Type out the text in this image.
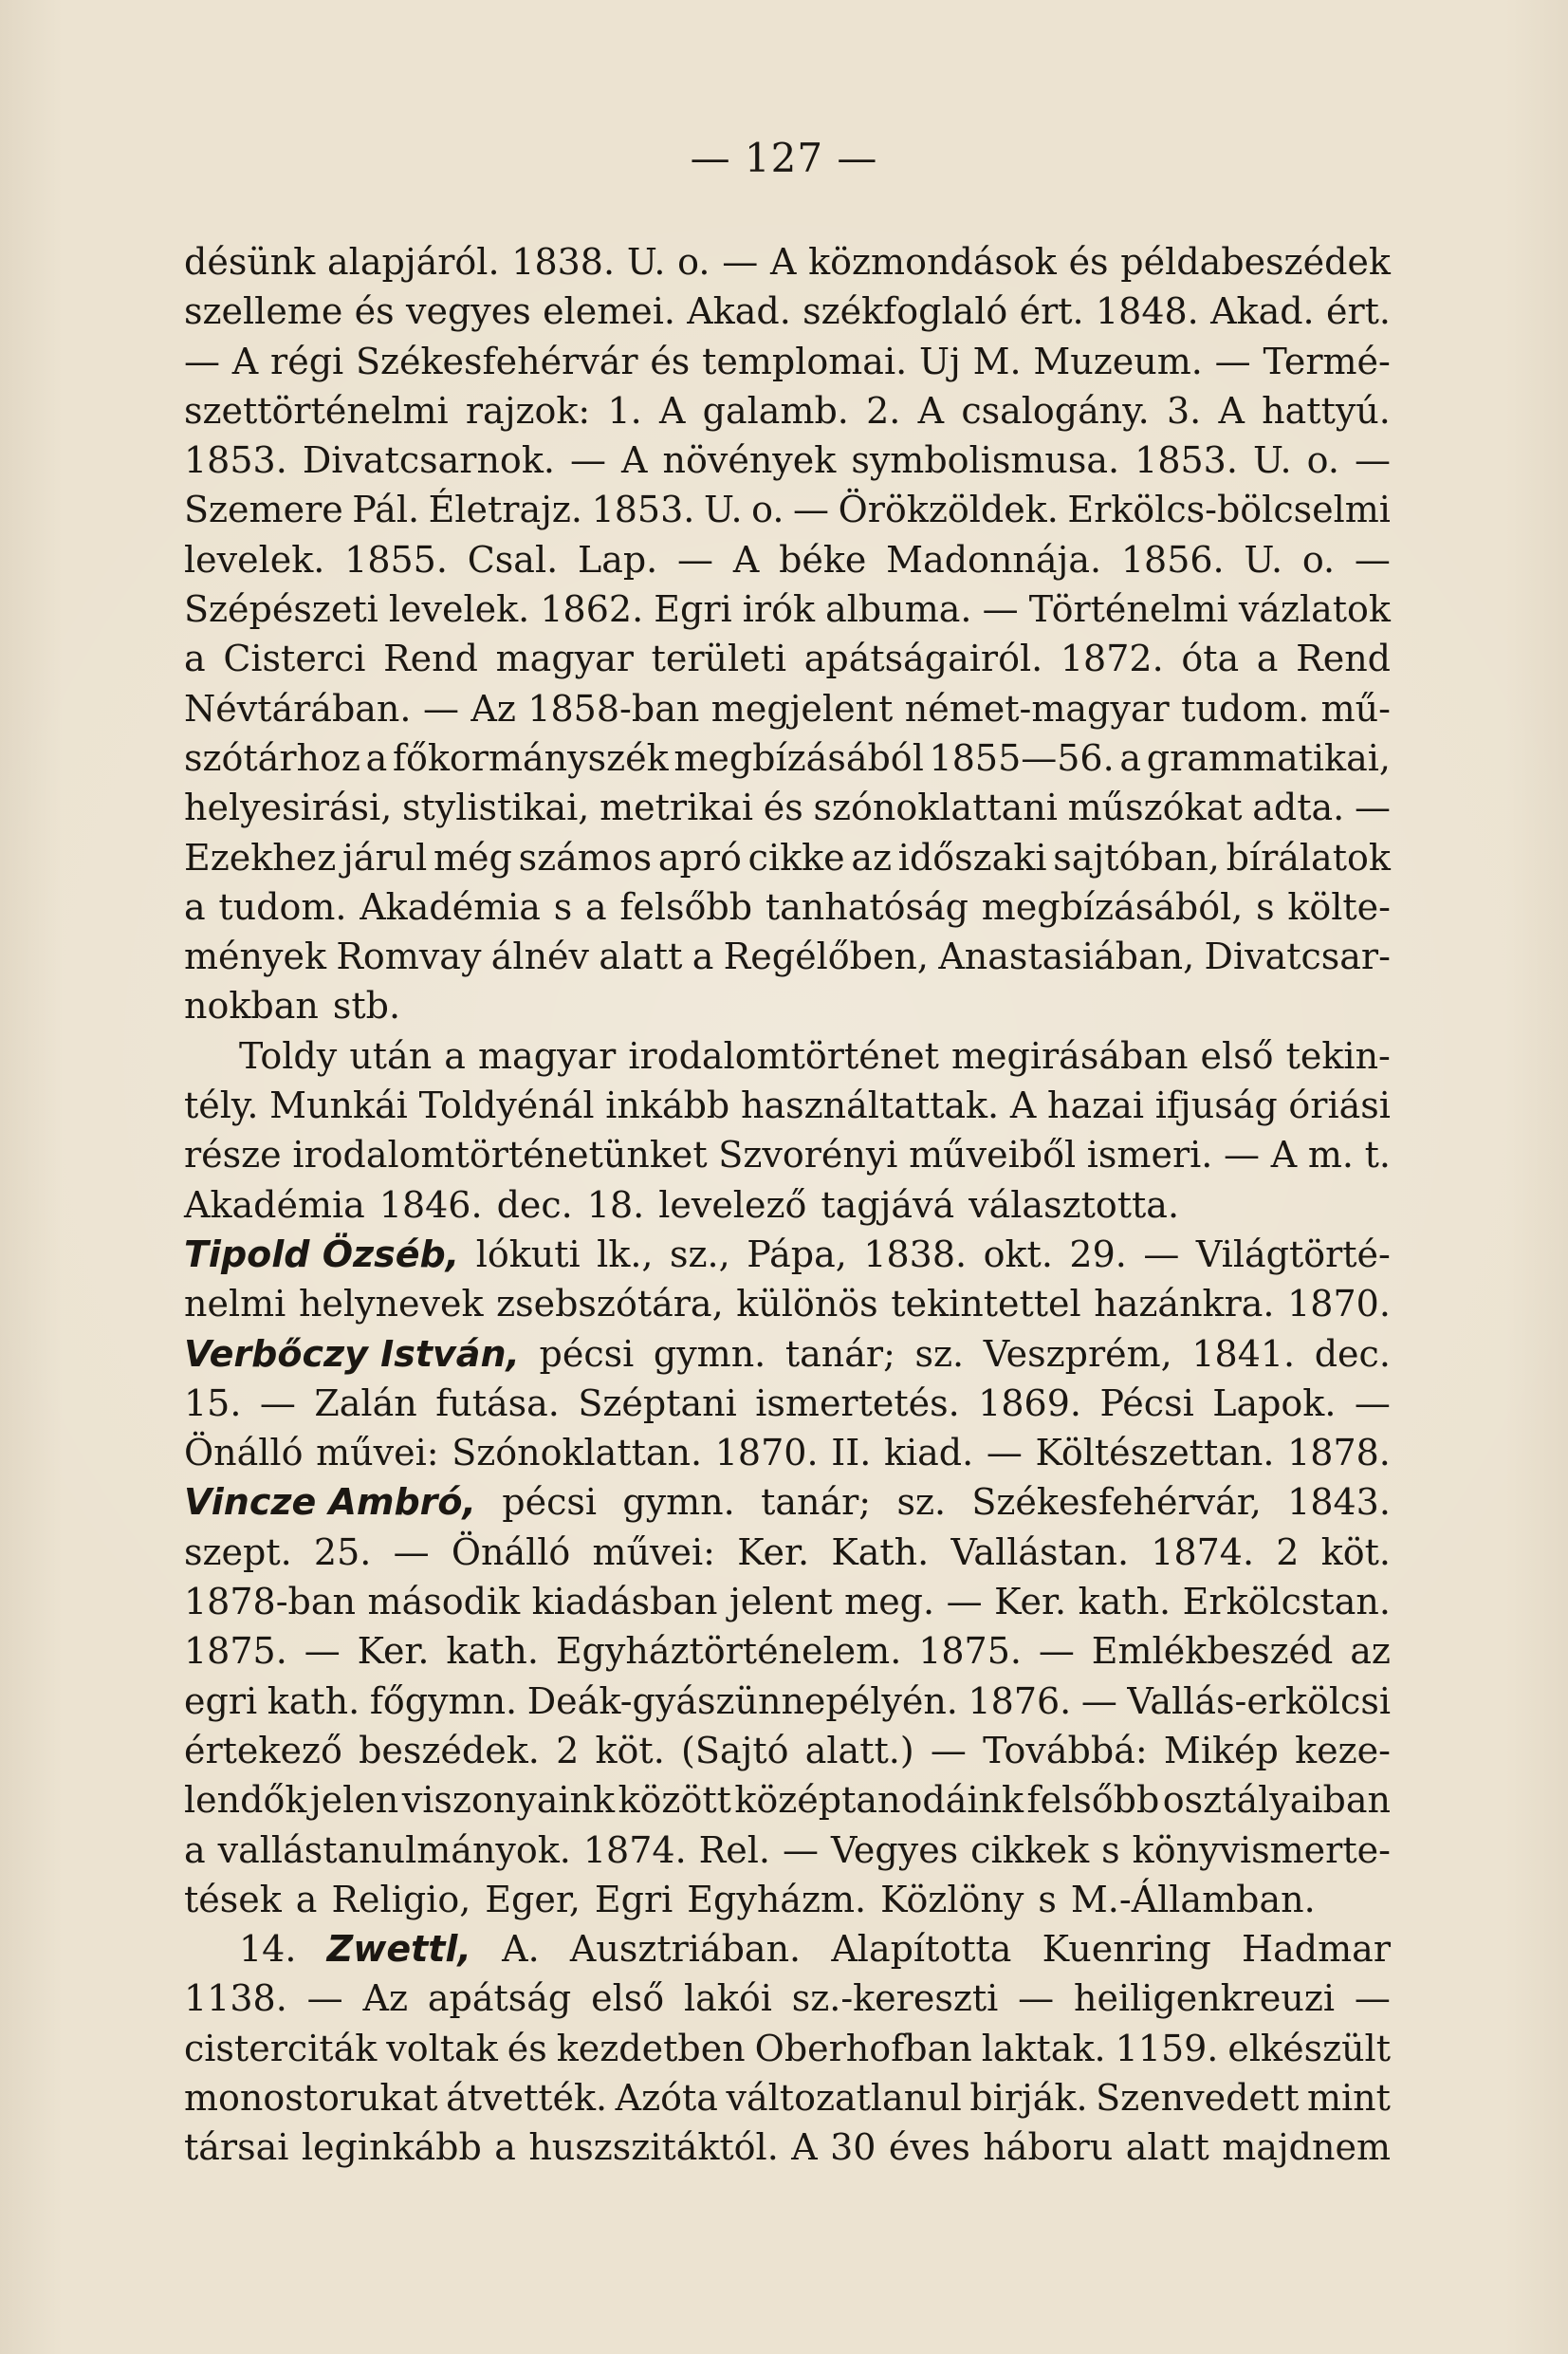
— 127 —
désünk alapjáról. 1838. U. o. — A közmondások és példabeszédek
szelleme és vegyes elemei. Akad. székfoglaló ért. 1848. Akad. ért.
— A régi Székesfehérvár és templomai. Uj M. Muzeum. — Termé-
szettörténelmi rajzok: 1. A galamb. 2. A csalogány. 3. A hattyú.
1853. Divatcsarnok. — A növények symbolismusa. 1853. U. o. —
Szemere Pál. Életrajz. 1853. U. o. — Örökzöldek. Erkölcs-bölcselmi
levelek. 1855. Csal. Lap. — A béke Madonnája. 1856. U. o. —
Szépészeti levelek. 1862. Egri irók albuma. — Történelmi vázlatok
a Cisterci Rend magyar területi apátságairól. 1872. óta a Rend
Névtárában. — Az 1858-ban megjelent német-magyar tudom. mű-
szótárhoz a főkormányszék megbízásából 1855—56. a grammatikai,
helyesirási, stylistikai, metrikai és szónoklattani műszókat adta. —
Ezekhez járul még számos apró cikke az időszaki sajtóban, bírálatok
a tudom. Akadémia s a felsőbb tanhatóság megbízásából, s költe-
mények Romvay álnév alatt a Regélőben, Anastasiában, Divatcsar-
nokban stb.
Toldy után a magyar irodalomtörténet megirásában első tekin-
tély. Munkái Toldyénál inkább használtattak. A hazai ifjuság óriási
része irodalomtörténetünket Szvorényi műveiből ismeri. — A m. t.
Akadémia 1846. dec. 18. levelező tagjává választotta.
Tipold Özséb, lókuti lk., sz., Pápa, 1838. okt. 29. — Világtörté-
nelmi helynevek zsebszótára, különös tekintettel hazánkra. 1870.
Verbőczy István, pécsi gymn. tanár; sz. Veszprém, 1841. dec.
15. — Zalán futása. Széptani ismertetés. 1869. Pécsi Lapok. —
Önálló művei: Szónoklattan. 1870. II. kiad. — Költészettan. 1878.
Vincze Ambró, pécsi gymn. tanár; sz. Székesfehérvár, 1843.
szept. 25. — Önálló művei: Ker. Kath. Vallástan. 1874. 2 köt.
1878-ban második kiadásban jelent meg. — Ker. kath. Erkölcstan.
1875. — Ker. kath. Egyháztörténelem. 1875. — Emlékbeszéd az
egri kath. főgymn. Deák-gyászünnepélyén. 1876. — Vallás-erkölcsi
értekező beszédek. 2 köt. (Sajtó alatt.) — Továbbá: Mikép keze-
lendők jelen viszonyaink között középtanodáink felsőbb osztályaiban
a vallástanulmányok. 1874. Rel. — Vegyes cikkek s könyvismerte-
tések a Religio, Eger, Egri Egyházm. Közlöny s M.-Államban.
14. Zwettl, A. Ausztriában. Alapította Kuenring Hadmar
1138. — Az apátság első lakói sz.-kereszti — heiligenkreuzi —
cisterciták voltak és kezdetben Oberhofban laktak. 1159. elkészült
monostorukat átvették. Azóta változatlanul birják. Szenvedett mint
társai leginkább a huszszitáktól. A 30 éves háboru alatt majdnem
